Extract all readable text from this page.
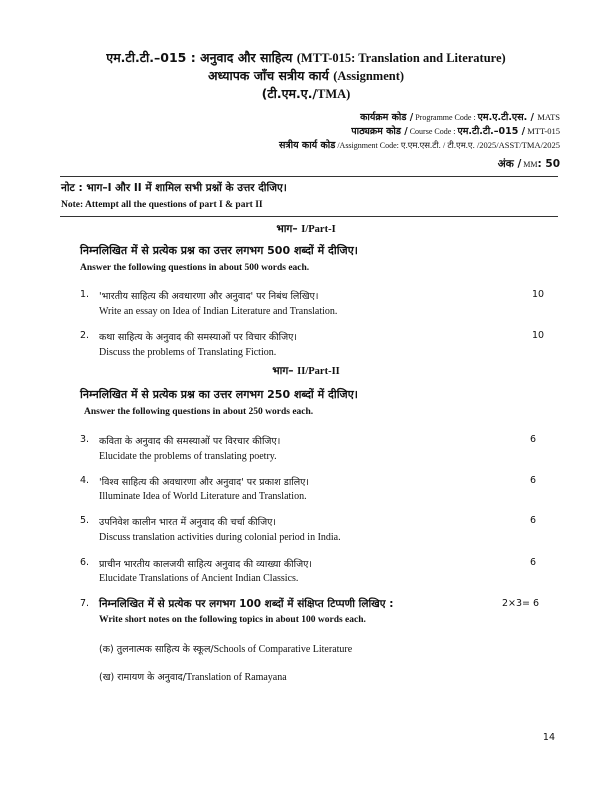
एम.टी.टी.–015 : अनुवाद और साहित्य (MTT-015: Translation and Literature)
अध्यापक जाँच सत्रीय कार्य (Assignment)
(टी.एम.ए./TMA)
कार्यक्रम कोड / Programme Code : एम.ए.टी.एस. / MATS
पाठ्यक्रम कोड / Course Code : एम.टी.टी.–015 / MTT-015
सत्रीय कार्य कोड /Assignment Code: ए.एम.एस.टी. / टी.एम.ए. /2025/ASST/TMA/2025
अंक / MM: 50
नोट : भाग–I और II में शामिल सभी प्रश्नों के उत्तर दीजिए।
Note: Attempt all the questions of part I & part II
भाग– I/Part-I
निम्नलिखित में से प्रत्येक प्रश्न का उत्तर लगभग 500 शब्दों में दीजिए।
Answer the following questions in about 500 words each.
1. 'भारतीय साहित्य की अवधारणा और अनुवाद' पर निबंध लिखिए।
Write an essay on Idea of Indian Literature and Translation.
10
2. कथा साहित्य के अनुवाद की समस्याओं पर विचार कीजिए।
Discuss the problems of Translating Fiction.
10
भाग– II/Part-II
निम्नलिखित में से प्रत्येक प्रश्न का उत्तर लगभग 250 शब्दों में दीजिए।
Answer the following questions in about 250 words each.
3. कविता के अनुवाद की समस्याओं पर विरचार कीजिए।
Elucidate the problems of translating poetry.
6
4. 'विश्व साहित्य की अवधारणा और अनुवाद' पर प्रकाश डालिए।
Illuminate Idea of World Literature and Translation.
6
5. उपनिवेश कालीन भारत में अनुवाद की चर्चा कीजिए।
Discuss translation activities during colonial period in India.
6
6. प्राचीन भारतीय कालजयी साहित्य अनुवाद की व्याख्या कीजिए।
Elucidate Translations of Ancient Indian Classics.
6
7. निम्नलिखित में से प्रत्येक पर लगभग 100 शब्दों में संक्षिप्त टिप्पणी लिखिए :
Write short notes on the following topics in about 100 words each.
2×3= 6
(क) तुलनात्मक साहित्य के स्कूल/Schools of Comparative Literature
(ख) रामायण के अनुवाद/Translation of Ramayana
14
